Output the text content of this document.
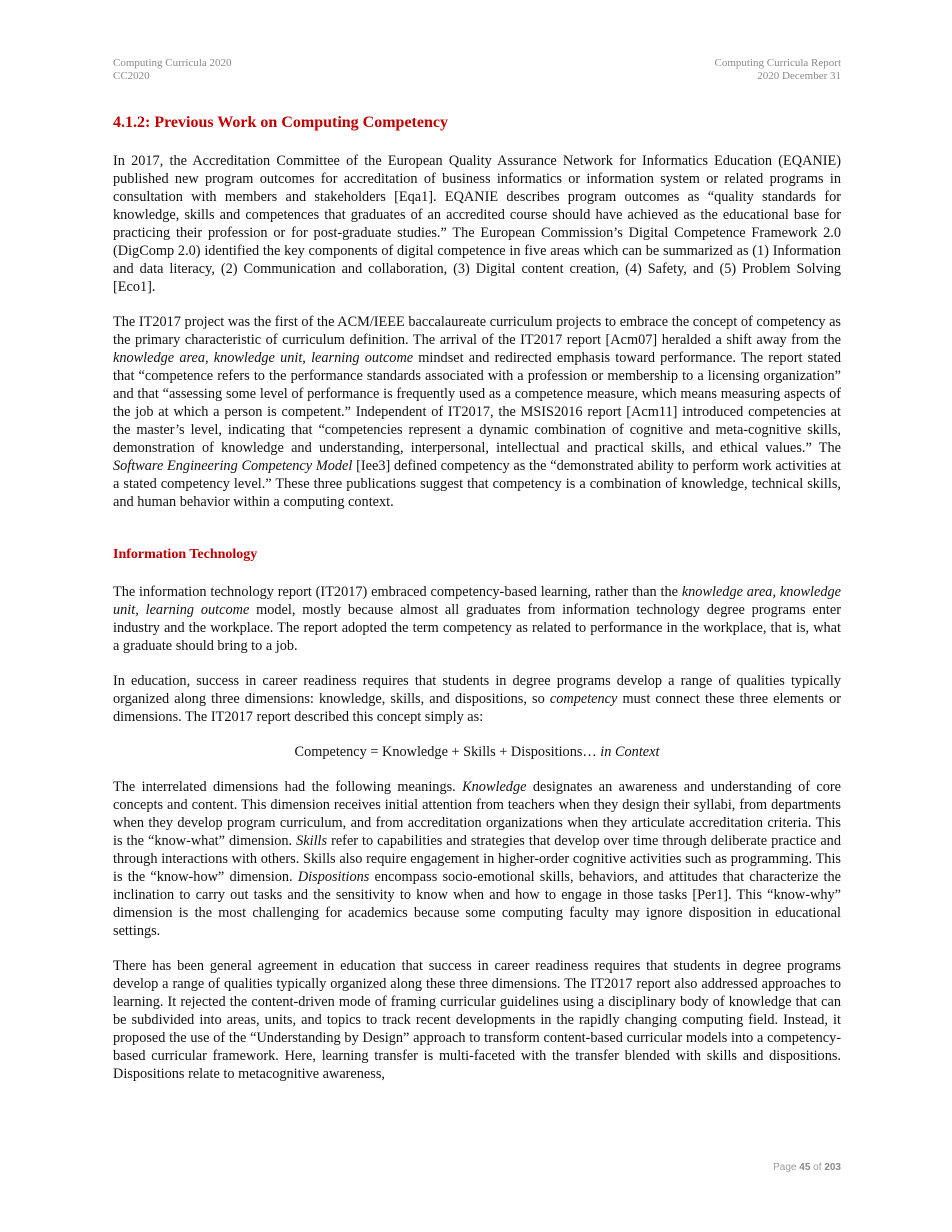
Computing Curricula 2020
CC2020
Computing Curricula Report
2020 December 31
4.1.2: Previous Work on Computing Competency

In 2017, the Accreditation Committee of the European Quality Assurance Network for Informatics Education (EQANIE) published new program outcomes for accreditation of business informatics or information system or related programs in consultation with members and stakeholders [Eqa1]. EQANIE describes program outcomes as “quality standards for knowledge, skills and competences that graduates of an accredited course should have achieved as the educational base for practicing their profession or for post-graduate studies.” The European Commission’s Digital Competence Framework 2.0 (DigComp 2.0) identified the key components of digital competence in five areas which can be summarized as (1) Information and data literacy, (2) Communication and collaboration, (3) Digital content creation, (4) Safety, and (5) Problem Solving [Eco1].

The IT2017 project was the first of the ACM/IEEE baccalaureate curriculum projects to embrace the concept of competency as the primary characteristic of curriculum definition. The arrival of the IT2017 report [Acm07] heralded a shift away from the knowledge area, knowledge unit, learning outcome mindset and redirected emphasis toward performance. The report stated that “competence refers to the performance standards associated with a profession or membership to a licensing organization” and that “assessing some level of performance is frequently used as a competence measure, which means measuring aspects of the job at which a person is competent.” Independent of IT2017, the MSIS2016 report [Acm11] introduced competencies at the master’s level, indicating that “competencies represent a dynamic combination of cognitive and meta-cognitive skills, demonstration of knowledge and understanding, interpersonal, intellectual and practical skills, and ethical values.” The Software Engineering Competency Model [Iee3] defined competency as the “demonstrated ability to perform work activities at a stated competency level.” These three publications suggest that competency is a combination of knowledge, technical skills, and human behavior within a computing context.

Information Technology

The information technology report (IT2017) embraced competency-based learning, rather than the knowledge area, knowledge unit, learning outcome model, mostly because almost all graduates from information technology degree programs enter industry and the workplace. The report adopted the term competency as related to performance in the workplace, that is, what a graduate should bring to a job.

In education, success in career readiness requires that students in degree programs develop a range of qualities typically organized along three dimensions: knowledge, skills, and dispositions, so competency must connect these three elements or dimensions. The IT2017 report described this concept simply as:

Competency = Knowledge + Skills + Dispositions… in Context

The interrelated dimensions had the following meanings. Knowledge designates an awareness and understanding of core concepts and content. This dimension receives initial attention from teachers when they design their syllabi, from departments when they develop program curriculum, and from accreditation organizations when they articulate accreditation criteria. This is the “know-what” dimension. Skills refer to capabilities and strategies that develop over time through deliberate practice and through interactions with others. Skills also require engagement in higher-order cognitive activities such as programming. This is the “know-how” dimension. Dispositions encompass socio-emotional skills, behaviors, and attitudes that characterize the inclination to carry out tasks and the sensitivity to know when and how to engage in those tasks [Per1]. This “know-why” dimension is the most challenging for academics because some computing faculty may ignore disposition in educational settings.

There has been general agreement in education that success in career readiness requires that students in degree programs develop a range of qualities typically organized along these three dimensions. The IT2017 report also addressed approaches to learning. It rejected the content-driven mode of framing curricular guidelines using a disciplinary body of knowledge that can be subdivided into areas, units, and topics to track recent developments in the rapidly changing computing field. Instead, it proposed the use of the “Understanding by Design” approach to transform content-based curricular models into a competency-based curricular framework. Here, learning transfer is multi-faceted with the transfer blended with skills and dispositions. Dispositions relate to metacognitive awareness,

Page 45 of 203
